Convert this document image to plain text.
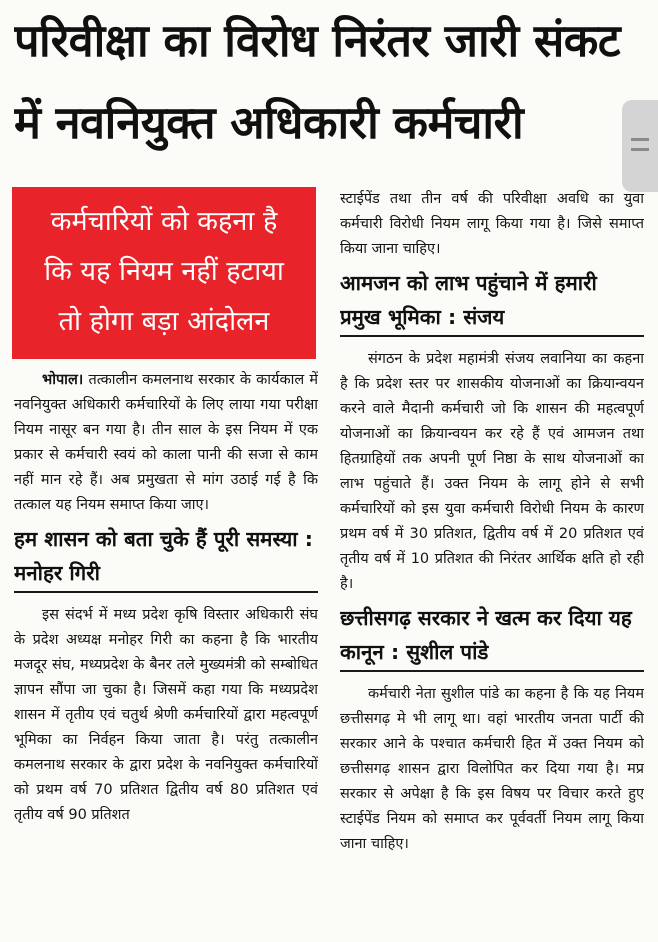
परिवीक्षा का विरोध निरंतर जारी संकट
में नवनियुक्त अधिकारी कर्मचारी
कर्मचारियों को कहना है
कि यह नियम नहीं हटाया
तो होगा बड़ा आंदोलन

भोपाल। तत्कालीन कमलनाथ सरकार के कार्यकाल में नवनियुक्त अधिकारी कर्मचारियों के लिए लाया गया परीक्षा नियम नासूर बन गया है। तीन साल के इस नियम में एक प्रकार से कर्मचारी स्वयं को काला पानी की सजा से काम नहीं मान रहे हैं। अब प्रमुखता से मांग उठाई गई है कि तत्काल यह नियम समाप्त किया जाए।

हम शासन को बता चुके हैं पूरी समस्या : मनोहर गिरी

इस संदर्भ में मध्य प्रदेश कृषि विस्तार अधिकारी संघ के प्रदेश अध्यक्ष मनोहर गिरी का कहना है कि भारतीय मजदूर संघ, मध्यप्रदेश के बैनर तले मुख्यमंत्री को सम्बोधित ज्ञापन सौंपा जा चुका है। जिसमें कहा गया कि मध्यप्रदेश शासन में तृतीय एवं चतुर्थ श्रेणी कर्मचारियों द्वारा महत्वपूर्ण भूमिका का निर्वहन किया जाता है। परंतु तत्कालीन कमलनाथ सरकार के द्वारा प्रदेश के नवनियुक्त कर्मचारियों को प्रथम वर्ष 70 प्रतिशत द्वितीय वर्ष 80 प्रतिशत एवं तृतीय वर्ष 90 प्रतिशत

स्टाईपेंड तथा तीन वर्ष की परिवीक्षा अवधि का युवा कर्मचारी विरोधी नियम लागू किया गया है। जिसे समाप्त किया जाना चाहिए।

आमजन को लाभ पहुंचाने में हमारी प्रमुख भूमिका : संजय

संगठन के प्रदेश महामंत्री संजय लवानिया का कहना है कि प्रदेश स्तर पर शासकीय योजनाओं का क्रियान्वयन करने वाले मैदानी कर्मचारी जो कि शासन की महत्वपूर्ण योजनाओं का क्रियान्वयन कर रहे हैं एवं आमजन तथा हितग्राहियों तक अपनी पूर्ण निष्ठा के साथ योजनाओं का लाभ पहुंचाते हैं। उक्त नियम के लागू होने से सभी कर्मचारियों को इस युवा कर्मचारी विरोधी नियम के कारण प्रथम वर्ष में 30 प्रतिशत, द्वितीय वर्ष में 20 प्रतिशत एवं तृतीय वर्ष में 10 प्रतिशत की निरंतर आर्थिक क्षति हो रही है।

छत्तीसगढ़ सरकार ने खत्म कर दिया यह कानून : सुशील पांडे

कर्मचारी नेता सुशील पांडे का कहना है कि यह नियम छत्तीसगढ़ मे भी लागू था। वहां भारतीय जनता पार्टी की सरकार आने के पश्चात कर्मचारी हित में उक्त नियम को छत्तीसगढ़ शासन द्वारा विलोपित कर दिया गया है। मप्र सरकार से अपेक्षा है कि इस विषय पर विचार करते हुए स्टाईपेंड नियम को समाप्त कर पूर्ववर्ती नियम लागू किया जाना चाहिए।
